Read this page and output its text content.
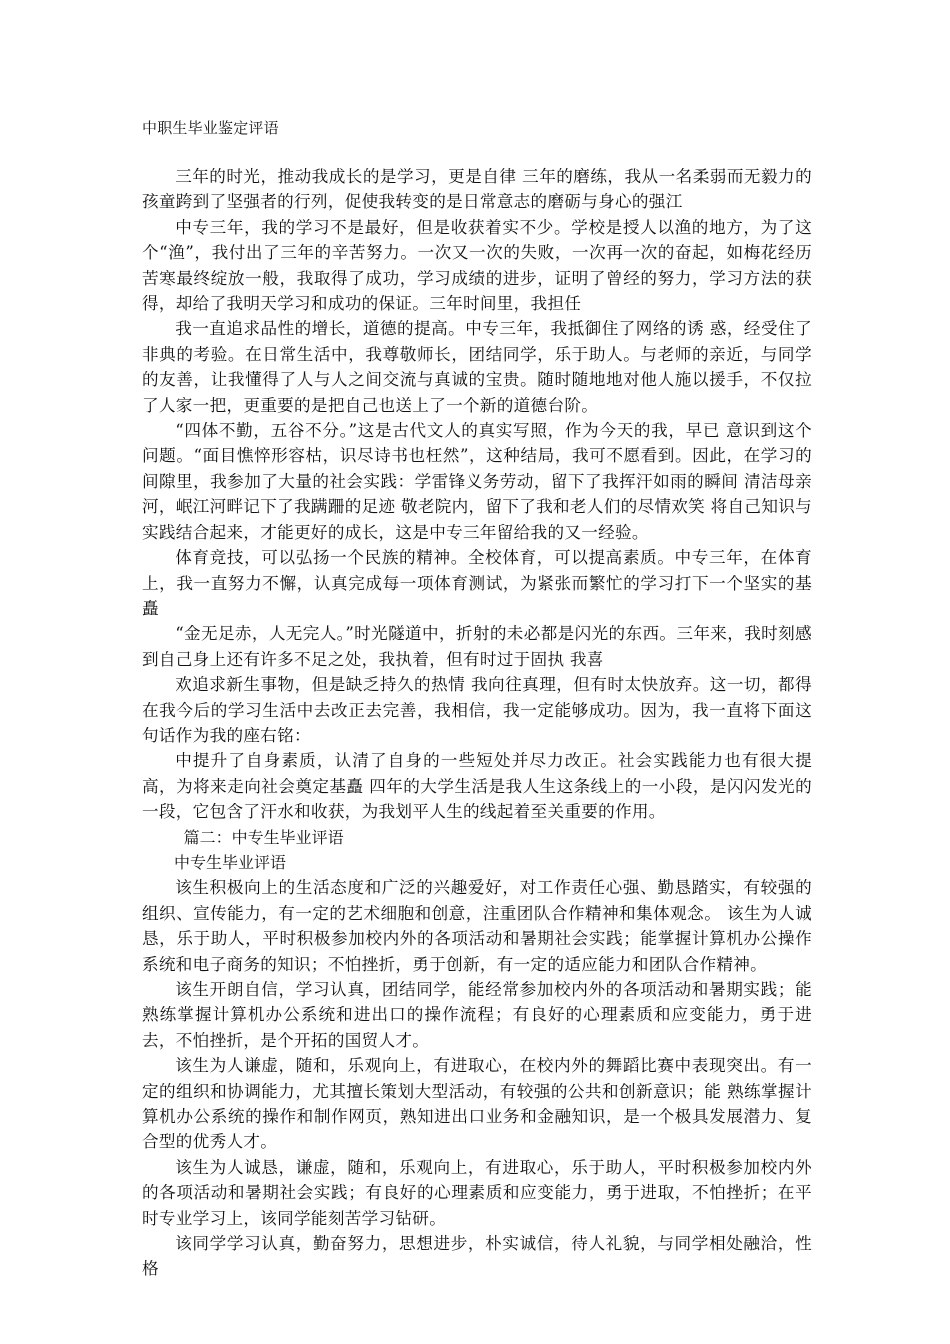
中职生毕业鉴定评语

三年的时光，推动我成长的是学习，更是自律 三年的磨练，我从一名柔弱而无毅力的孩童跨到了坚强者的行列，促使我转变的是日常意志的磨砺与身心的强江

中专三年，我的学习不是最好，但是收获着实不少。学校是授人以渔的地方，为了这个“渔”，我付出了三年的辛苦努力。一次又一次的失败，一次再一次的奋起，如梅花经历苦寒最终绽放一般，我取得了成功，学习成绩的进步，证明了曾经的努力，学习方法的获得，却给了我明天学习和成功的保证。三年时间里，我担任

我一直追求品性的增长，道德的提高。中专三年，我抵御住了网络的诱 惑，经受住了非典的考验。在日常生活中，我尊敬师长，团结同学，乐于助人。与老师的亲近，与同学的友善，让我懂得了人与人之间交流与真诚的宝贵。随时随地地对他人施以援手，不仅拉了人家一把，更重要的是把自己也送上了一个新的道德台阶。

“四体不勤，五谷不分。”这是古代文人的真实写照，作为今天的我，早已 意识到这个问题。“面目憔悴形容枯，识尽诗书也枉然”，这种结局，我可不愿看到。因此，在学习的间隙里，我参加了大量的社会实践：学雷锋义务劳动，留下了我挥汗如雨的瞬间 清洁母亲河，岷江河畔记下了我蹒跚的足迹 敬老院内，留下了我和老人们的尽情欢笑 将自己知识与实践结合起来，才能更好的成长，这是中专三年留给我的又一经验。

体育竞技，可以弘扬一个民族的精神。全校体育，可以提高素质。中专三年，在体育上，我一直努力不懈，认真完成每一项体育测试，为紧张而繁忙的学习打下一个坚实的基矗

“金无足赤，人无完人。”时光隧道中，折射的未必都是闪光的东西。三年来，我时刻感到自己身上还有许多不足之处，我执着，但有时过于固执 我喜

欢追求新生事物，但是缺乏持久的热情 我向往真理，但有时太快放弃。这一切，都得在我今后的学习生活中去改正去完善，我相信，我一定能够成功。因为，我一直将下面这句话作为我的座右铭：

中提升了自身素质，认清了自身的一些短处并尽力改正。社会实践能力也有很大提高，为将来走向社会奠定基矗 四年的大学生活是我人生这条线上的一小段，是闪闪发光的一段，它包含了汗水和收获，为我划平人生的线起着至关重要的作用。

篇二：中专生毕业评语
中专生毕业评语

该生积极向上的生活态度和广泛的兴趣爱好，对工作责任心强、勤恳踏实，有较强的组织、宣传能力，有一定的艺术细胞和创意，注重团队合作精神和集体观念。 该生为人诚恳，乐于助人，平时积极参加校内外的各项活动和暑期社会实践；能掌握计算机办公操作系统和电子商务的知识；不怕挫折，勇于创新，有一定的适应能力和团队合作精神。

该生开朗自信，学习认真，团结同学，能经常参加校内外的各项活动和暑期实践；能熟练掌握计算机办公系统和进出口的操作流程；有良好的心理素质和应变能力，勇于进去，不怕挫折，是个开拓的国贸人才。

该生为人谦虚，随和，乐观向上，有进取心，在校内外的舞蹈比赛中表现突出。有一定的组织和协调能力，尤其擅长策划大型活动，有较强的公共和创新意识；能 熟练掌握计算机办公系统的操作和制作网页，熟知进出口业务和金融知识，是一个极具发展潜力、复合型的优秀人才。

该生为人诚恳，谦虚，随和，乐观向上，有进取心，乐于助人，平时积极参加校内外的各项活动和暑期社会实践；有良好的心理素质和应变能力，勇于进取，不怕挫折；在平时专业学习上，该同学能刻苦学习钻研。

该同学学习认真，勤奋努力，思想进步，朴实诚信，待人礼貌，与同学相处融洽，性格
